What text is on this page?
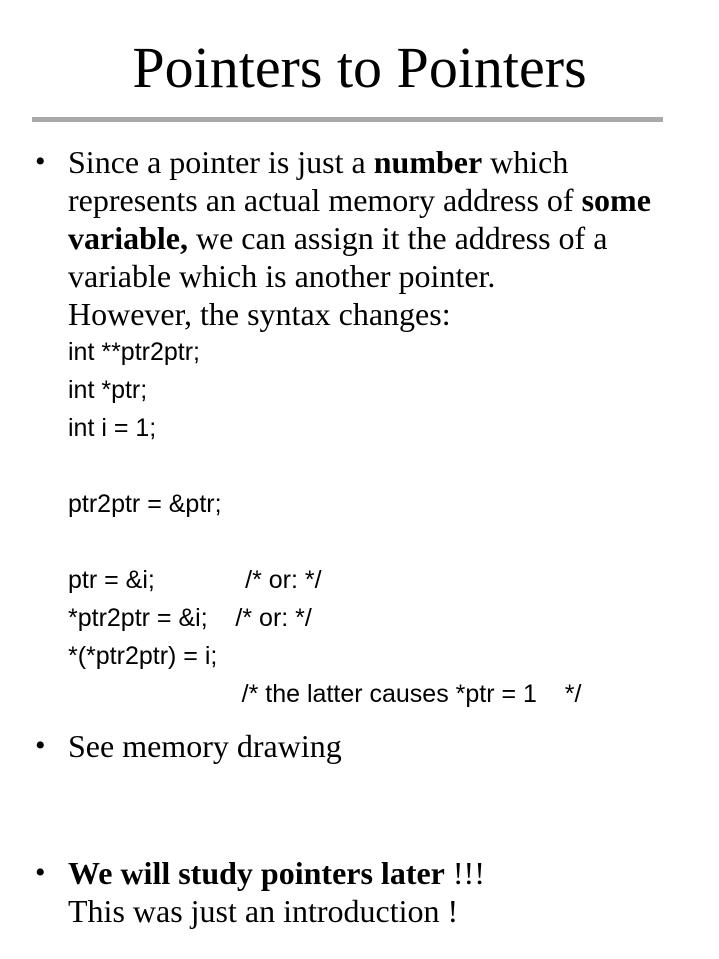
Pointers to Pointers
• Since a pointer is just a number which
represents an actual memory address of some
variable, we can assign it the address of a
variable which is another pointer.
However, the syntax changes:
int **ptr2ptr;
int *ptr;
int i = 1;
ptr2ptr = &ptr;
ptr = &i;             /* or: */
*ptr2ptr = &i;    /* or: */
*(*ptr2ptr) = i;
/* the latter causes *ptr = 1    */
• See memory drawing
• We will study pointers later !!!
This was just an introduction !
